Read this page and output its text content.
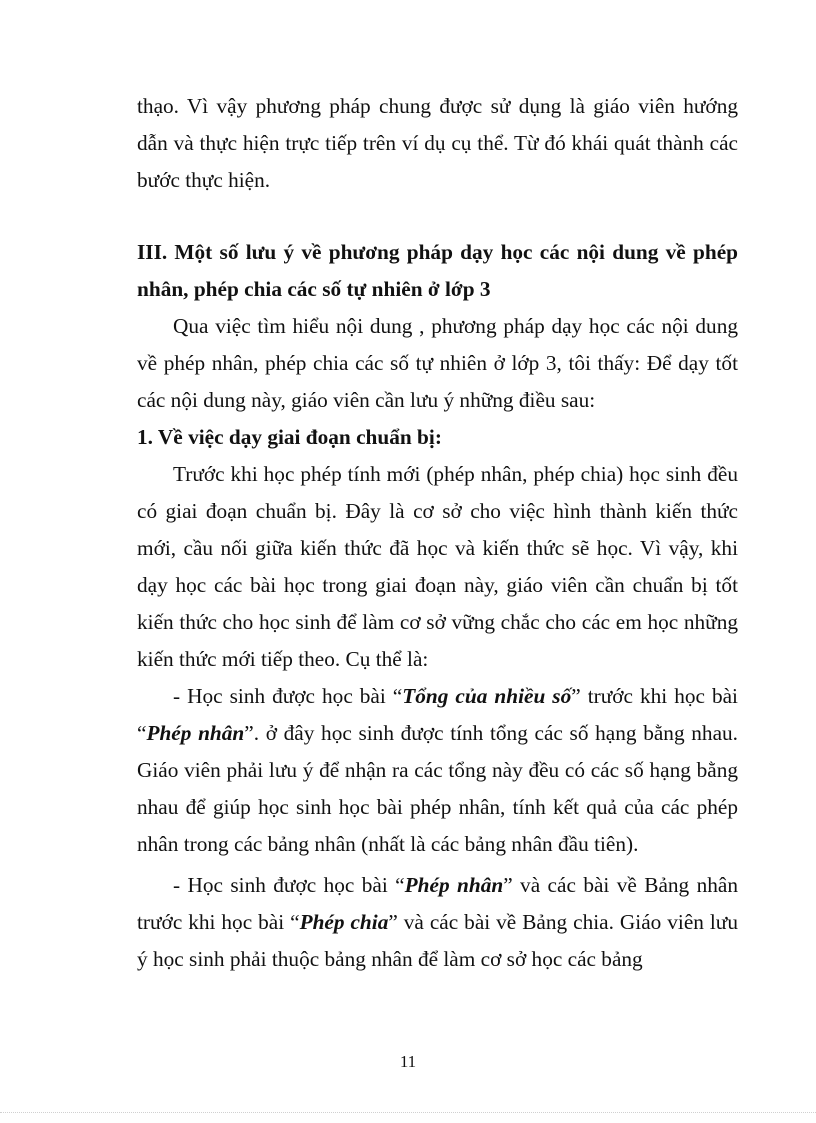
thạo. Vì vậy phương pháp chung được sử dụng là giáo viên hướng dẫn và thực hiện trực tiếp trên ví dụ cụ thể. Từ đó khái quát thành các bước thực hiện.

III. Một số lưu ý về phương pháp dạy học các nội dung về phép nhân, phép chia các số tự nhiên ở lớp 3

Qua việc tìm hiểu nội dung , phương pháp dạy học các nội dung về phép nhân, phép chia các số tự nhiên ở lớp 3, tôi thấy: Để dạy tốt các nội dung này, giáo viên cần lưu ý những điều sau:

1. Về việc dạy giai đoạn chuẩn bị:

Trước khi học phép tính mới (phép nhân, phép chia) học sinh đều có giai đoạn chuẩn bị. Đây là cơ sở cho việc hình thành kiến thức mới, cầu nối giữa kiến thức đã học và kiến thức sẽ học. Vì vậy, khi dạy học các bài học trong giai đoạn này, giáo viên cần chuẩn bị tốt kiến thức cho học sinh để làm cơ sở vững chắc cho các em học những kiến thức mới tiếp theo. Cụ thể là:

- Học sinh được học bài “Tổng của nhiều số” trước khi học bài “Phép nhân”. ở đây học sinh được tính tổng các số hạng bằng nhau. Giáo viên phải lưu ý để nhận ra các tổng này đều có các số hạng bằng nhau để giúp học sinh học bài phép nhân, tính kết quả của các phép nhân trong các bảng nhân (nhất là các bảng nhân đầu tiên).

- Học sinh được học bài “Phép nhân” và các bài về Bảng nhân trước khi học bài “Phép chia” và các bài về Bảng chia. Giáo viên lưu ý học sinh phải thuộc bảng nhân để làm cơ sở học các bảng

11
